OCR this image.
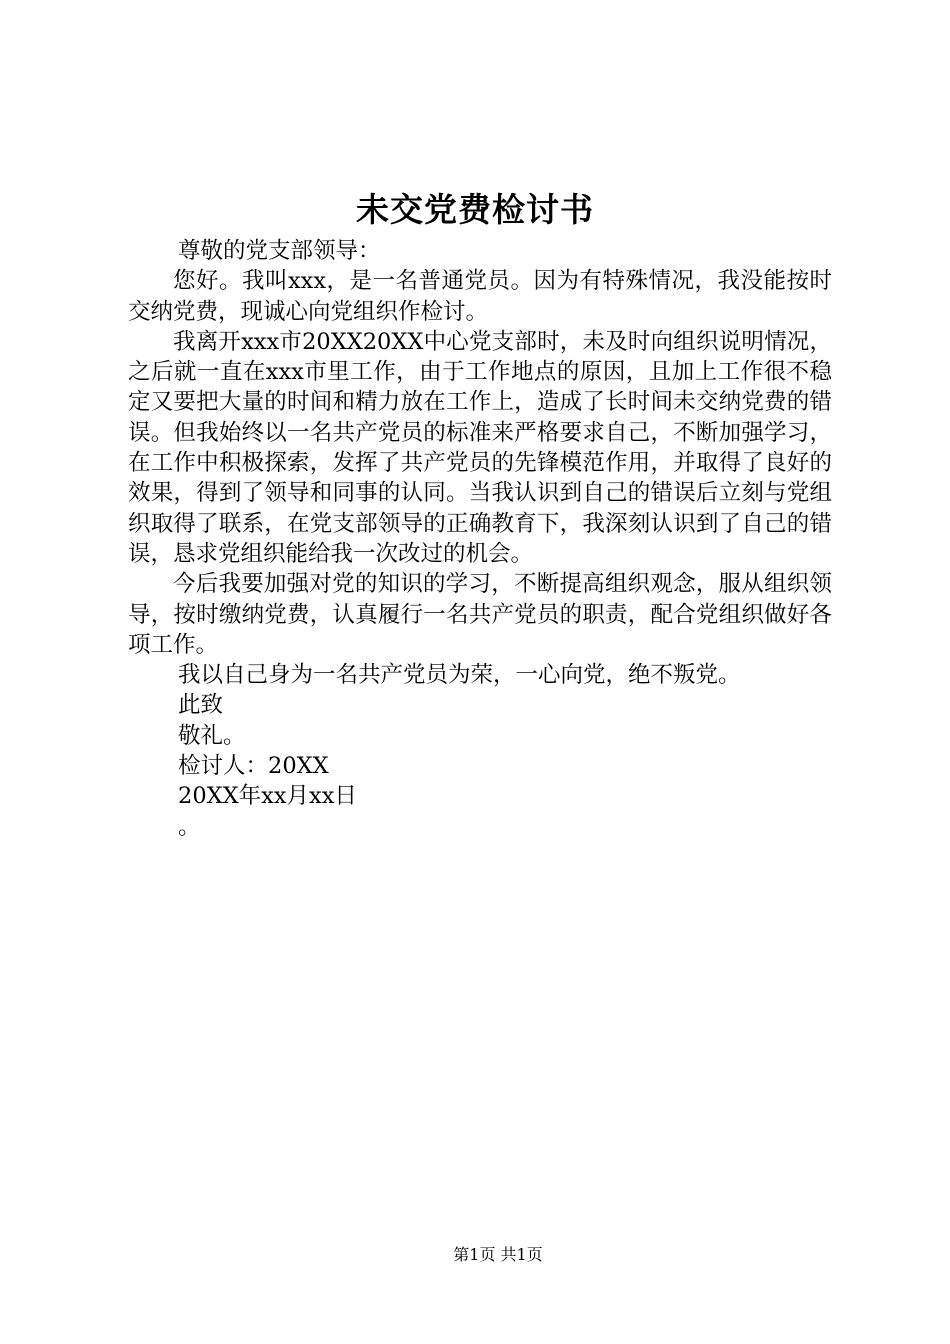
未交党费检讨书

尊敬的党支部领导：

您好。我叫xxx，是一名普通党员。因为有特殊情况，我没能按时交纳党费，现诚心向党组织作检讨。

我离开xxx市20XX20XX中心党支部时，未及时向组织说明情况，之后就一直在xxx市里工作，由于工作地点的原因，且加上工作很不稳定又要把大量的时间和精力放在工作上，造成了长时间未交纳党费的错误。但我始终以一名共产党员的标准来严格要求自己，不断加强学习，在工作中积极探索，发挥了共产党员的先锋模范作用，并取得了良好的效果，得到了领导和同事的认同。当我认识到自己的错误后立刻与党组织取得了联系，在党支部领导的正确教育下，我深刻认识到了自己的错误，恳求党组织能给我一次改过的机会。

今后我要加强对党的知识的学习，不断提高组织观念，服从组织领导，按时缴纳党费，认真履行一名共产党员的职责，配合党组织做好各项工作。

我以自己身为一名共产党员为荣，一心向党，绝不叛党。

此致

敬礼。

检讨人：20XX

20XX年xx月xx日

。

第1页 共1页
